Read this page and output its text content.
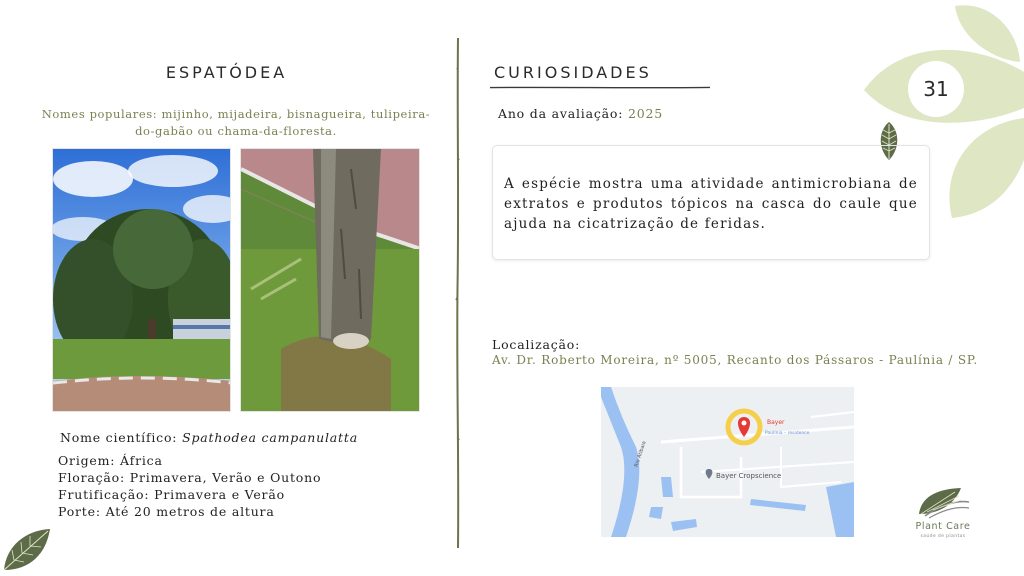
31
ESPATÓDEA

Nomes populares: mijinho, mijadeira, bisnagueira, tulipeira-do-gabão ou chama-da-floresta.

Nome científico: Spathodea campanulatta
Origem: África
Floração: Primavera, Verão e Outono
Frutificação: Primavera e Verão
Porte: Até 20 metros de altura
CURIOSIDADES
Ano da avaliação: 2025

A espécie mostra uma atividade antimicrobiana de extratos e produtos tópicos na casca do caule que ajuda na cicatrização de feridas.

Localização:
Av. Dr. Roberto Moreira, nº 5005, Recanto dos Pássaros - Paulínia / SP.
Bayer
Paulínia – residence
Bayer Cropscience
Rio Atibaia
Plant Care
saúde de plantas
